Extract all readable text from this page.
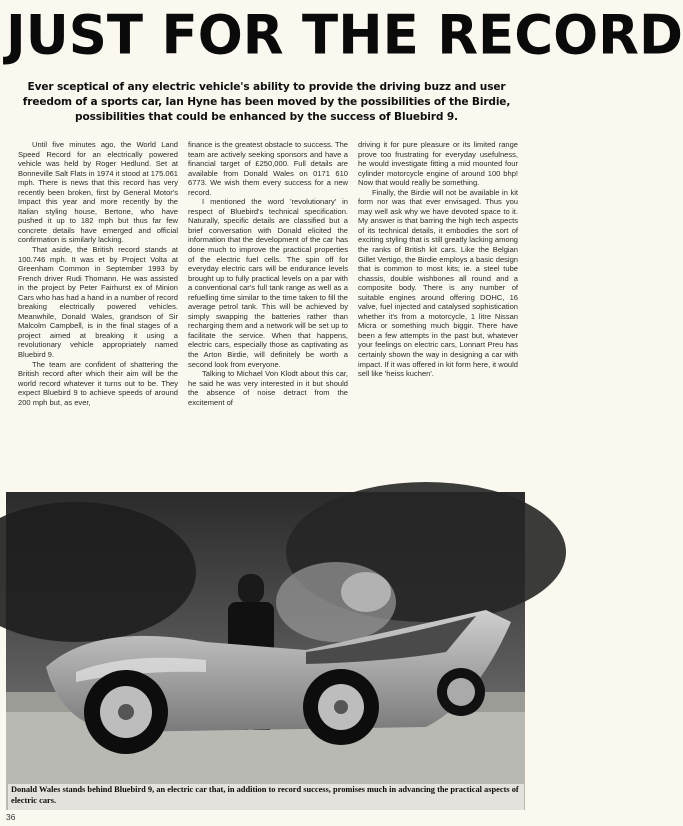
JUST FOR THE RECORD
Ever sceptical of any electric vehicle's ability to provide the driving buzz and user freedom of a sports car, Ian Hyne has been moved by the possibilities of the Birdie, possibilities that could be enhanced by the success of Bluebird 9.

Until five minutes ago, the World Land Speed Record for an electrically powered vehicle was held by Roger Hedlund. Set at Bonneville Salt Flats in 1974 it stood at 175.061 mph. There is news that this record has very recently been broken, first by General Motor's Impact this year and more recently by the Italian styling house, Bertone, who have pushed it up to 182 mph but thus far few concrete details have emerged and official confirmation is similarly lacking.

That aside, the British record stands at 100.746 mph. It was et by Project Volta at Greenham Common in September 1993 by French driver Rudi Thomann. He was assisted in the project by Peter Fairhurst ex of Minion Cars who has had a hand in a number of record breaking electrically powered vehicles. Meanwhile, Donald Wales, grandson of Sir Malcolm Campbell, is in the final stages of a project aimed at breaking it using a revolutionary vehicle appropriately named Bluebird 9.

The team are confident of shattering the British record after which their aim will be the world record whatever it turns out to be. They expect Bluebird 9 to achieve speeds of around 200 mph but, as ever,

finance is the greatest obstacle to success. The team are actively seeking sponsors and have a financial target of £250,000. Full details are available from Donald Wales on 0171 610 6773. We wish them every success for a new record.

I mentioned the word 'revolutionary' in respect of Bluebird's technical specification. Naturally, specific details are classified but a brief conversation with Donald elicited the information that the development of the car has done much to improve the practical properties of the electric fuel cells. The spin off for everyday electric cars will be endurance levels brought up to fully practical levels on a par with a conventional car's full tank range as well as a refuelling time similar to the time taken to fill the average petrol tank. This will be achieved by simply swapping the batteries rather than recharging them and a network will be set up to facilitate the service. When that happens, electric cars, especially those as captivating as the Arton Birdie, will definitely be worth a second look from everyone.

Talking to Michael Von Klodt about this car, he said he was very interested in it but should the absence of noise detract from the excitement of

driving it for pure pleasure or its limited range prove too frustrating for everyday usefulness, he would investigate fitting a mid mounted four cylinder motorcycle engine of around 100 bhp! Now that would really be something.

Finally, the Birdie will not be available in kit form nor was that ever envisaged. Thus you may well ask why we have devoted space to it. My answer is that barring the high tech aspects of its technical details, it embodies the sort of exciting styling that is still greatly lacking among the ranks of British kit cars. Like the Belgian Gillet Vertigo, the Birdie employs a basic design that is common to most kits; ie. a steel tube chassis, double wishbones all round and a composite body. There is any number of suitable engines around offering DOHC, 16 valve, fuel injected and catalysed sophistication whether it's from a motorcycle, 1 litre Nissan Micra or something much biggir. There have been a few attempts in the past but, whatever your feelings on electric cars, Lonnart Preu has certainly shown the way in designing a car with impact. If it was offered in kit form here, it would sell like 'heiss kuchen'.

Donald Wales stands behind Bluebird 9, an electric car that, in addition to record success, promises much in advancing the practical aspects of electric cars.
36
